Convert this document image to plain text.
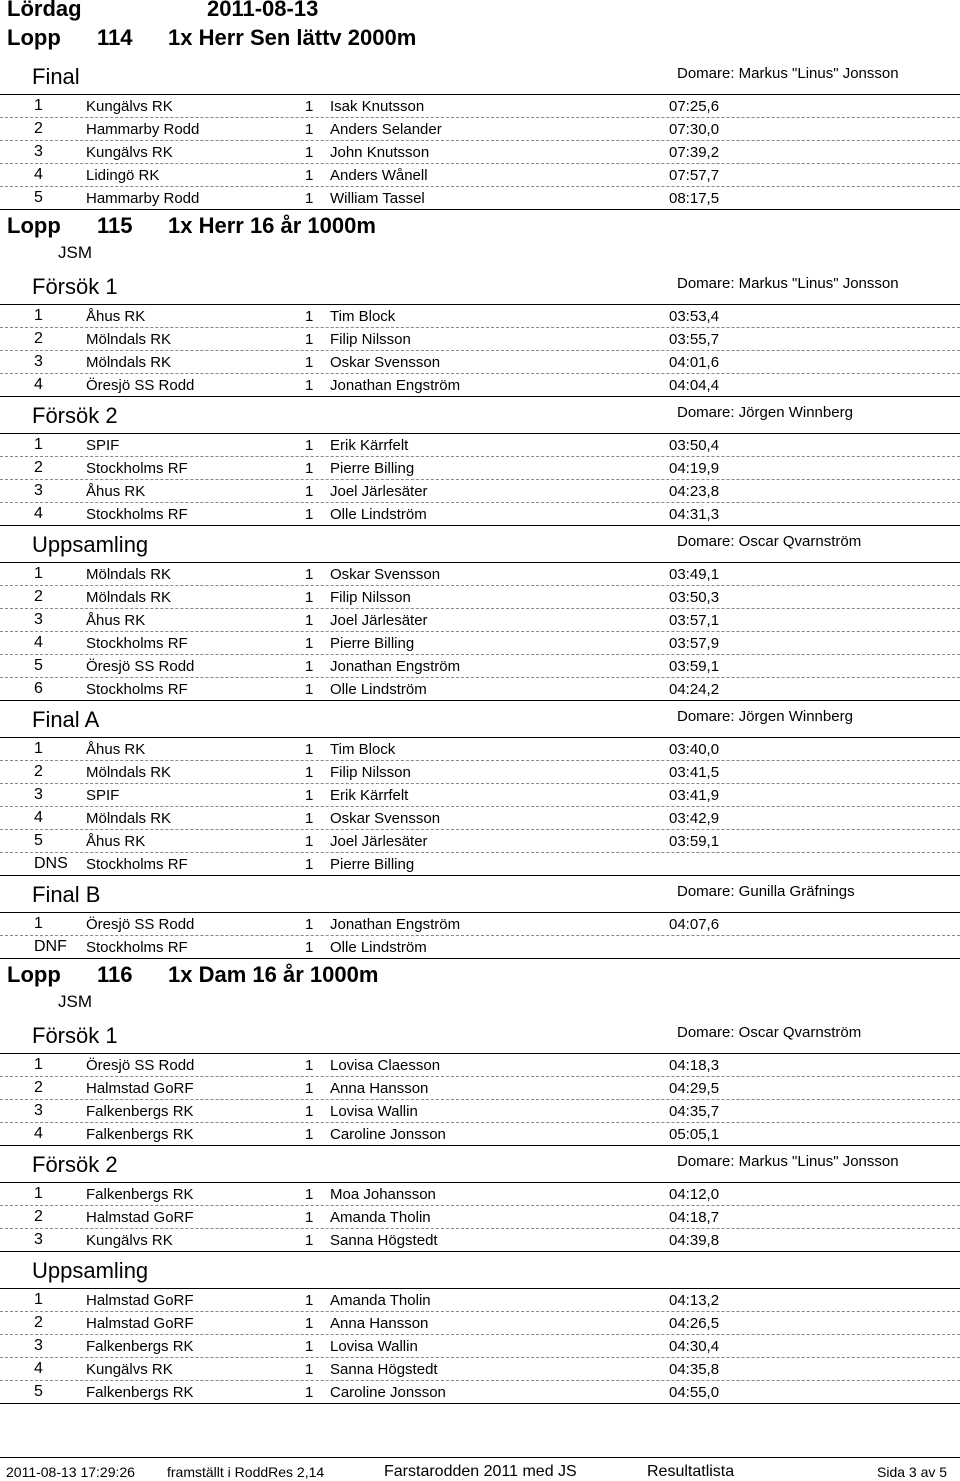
Lördag	2011-08-13
Lopp 114 1x Herr Sen lättv 2000m
Final	Domare: Markus "Linus" Jonsson
1	Kungälvs RK	1 Isak Knutsson	07:25,6
2	Hammarby Rodd	1 Anders Selander	07:30,0
3	Kungälvs RK	1 John Knutsson	07:39,2
4	Lidingö RK	1 Anders Wånell	07:57,7
5	Hammarby Rodd	1 William Tassel	08:17,5
Lopp 115 1x Herr 16 år 1000m
JSM
Försök 1	Domare: Markus "Linus" Jonsson
1	Åhus RK	1 Tim Block	03:53,4
2	Mölndals RK	1 Filip Nilsson	03:55,7
3	Mölndals RK	1 Oskar Svensson	04:01,6
4	Öresjö SS Rodd	1 Jonathan Engström	04:04,4
Försök 2	Domare: Jörgen Winnberg
1	SPIF	1 Erik Kärrfelt	03:50,4
2	Stockholms RF	1 Pierre Billing	04:19,9
3	Åhus RK	1 Joel Järlesäter	04:23,8
4	Stockholms RF	1 Olle Lindström	04:31,3
Uppsamling	Domare: Oscar Qvarnström
1	Mölndals RK	1 Oskar Svensson	03:49,1
2	Mölndals RK	1 Filip Nilsson	03:50,3
3	Åhus RK	1 Joel Järlesäter	03:57,1
4	Stockholms RF	1 Pierre Billing	03:57,9
5	Öresjö SS Rodd	1 Jonathan Engström	03:59,1
6	Stockholms RF	1 Olle Lindström	04:24,2
Final A	Domare: Jörgen Winnberg
1	Åhus RK	1 Tim Block	03:40,0
2	Mölndals RK	1 Filip Nilsson	03:41,5
3	SPIF	1 Erik Kärrfelt	03:41,9
4	Mölndals RK	1 Oskar Svensson	03:42,9
5	Åhus RK	1 Joel Järlesäter	03:59,1
DNS Stockholms RF	1 Pierre Billing
Final B	Domare: Gunilla Gräfnings
1	Öresjö SS Rodd	1 Jonathan Engström	04:07,6
DNF Stockholms RF	1 Olle Lindström
Lopp 116 1x Dam 16 år 1000m
JSM
Försök 1	Domare: Oscar Qvarnström
1	Öresjö SS Rodd	1 Lovisa Claesson	04:18,3
2	Halmstad GoRF	1 Anna Hansson	04:29,5
3	Falkenbergs RK	1 Lovisa Wallin	04:35,7
4	Falkenbergs RK	1 Caroline Jonsson	05:05,1
Försök 2	Domare: Markus "Linus" Jonsson
1	Falkenbergs RK	1 Moa Johansson	04:12,0
2	Halmstad GoRF	1 Amanda Tholin	04:18,7
3	Kungälvs RK	1 Sanna Högstedt	04:39,8
Uppsamling
1	Halmstad GoRF	1 Amanda Tholin	04:13,2
2	Halmstad GoRF	1 Anna Hansson	04:26,5
3	Falkenbergs RK	1 Lovisa Wallin	04:30,4
4	Kungälvs RK	1 Sanna Högstedt	04:35,8
5	Falkenbergs RK	1 Caroline Jonsson	04:55,0
2011-08-13 17:29:26 framställt i RoddRes 2,14	Farstarodden 2011 med JS	Resultatlista	Sida 3 av 5
